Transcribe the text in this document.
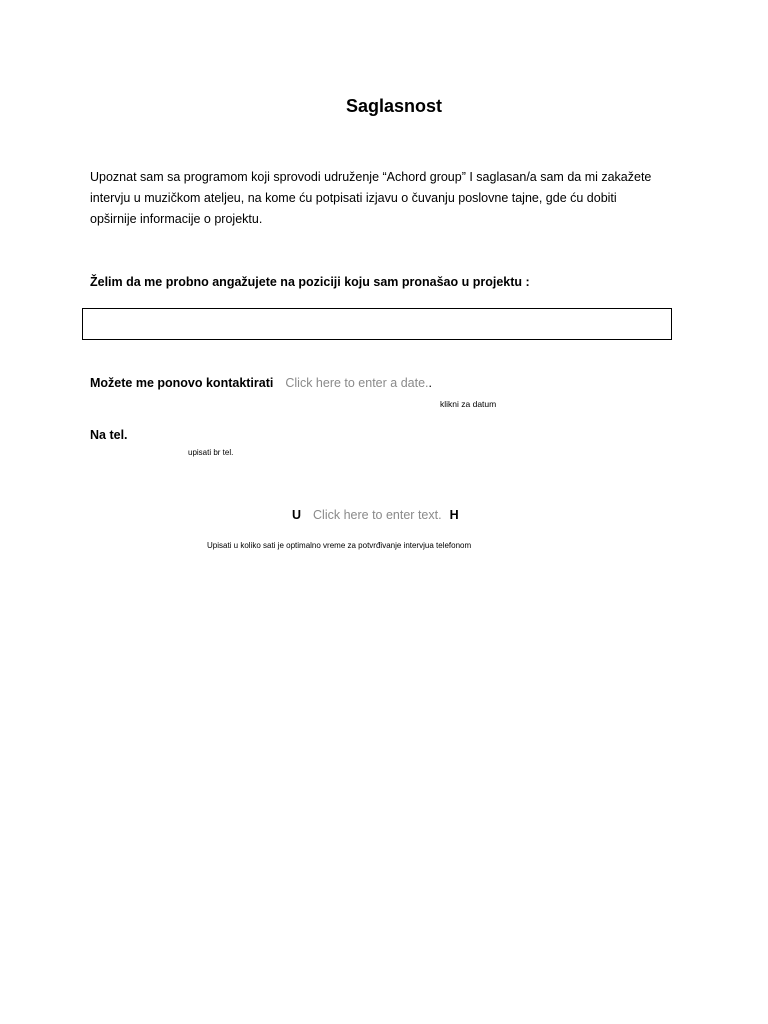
Saglasnost
Upoznat sam sa programom koji sprovodi udruženje “Achord group” I saglasan/a sam da mi zakažete
intervju u muzičkom ateljeu, na kome ću potpisati izjavu o čuvanju poslovne tajne, gde ću dobiti
opširnije informacije o projektu.
Želim da me probno angažujete na poziciji koju sam pronašao u projektu :
Možete me ponovo kontaktirati Click here to enter a date..
klikni za datum
Na tel.
upisati br tel.
U Click here to enter text. H
Upisati u koliko sati je optimalno vreme za potvrđivanje intervjua telefonom
